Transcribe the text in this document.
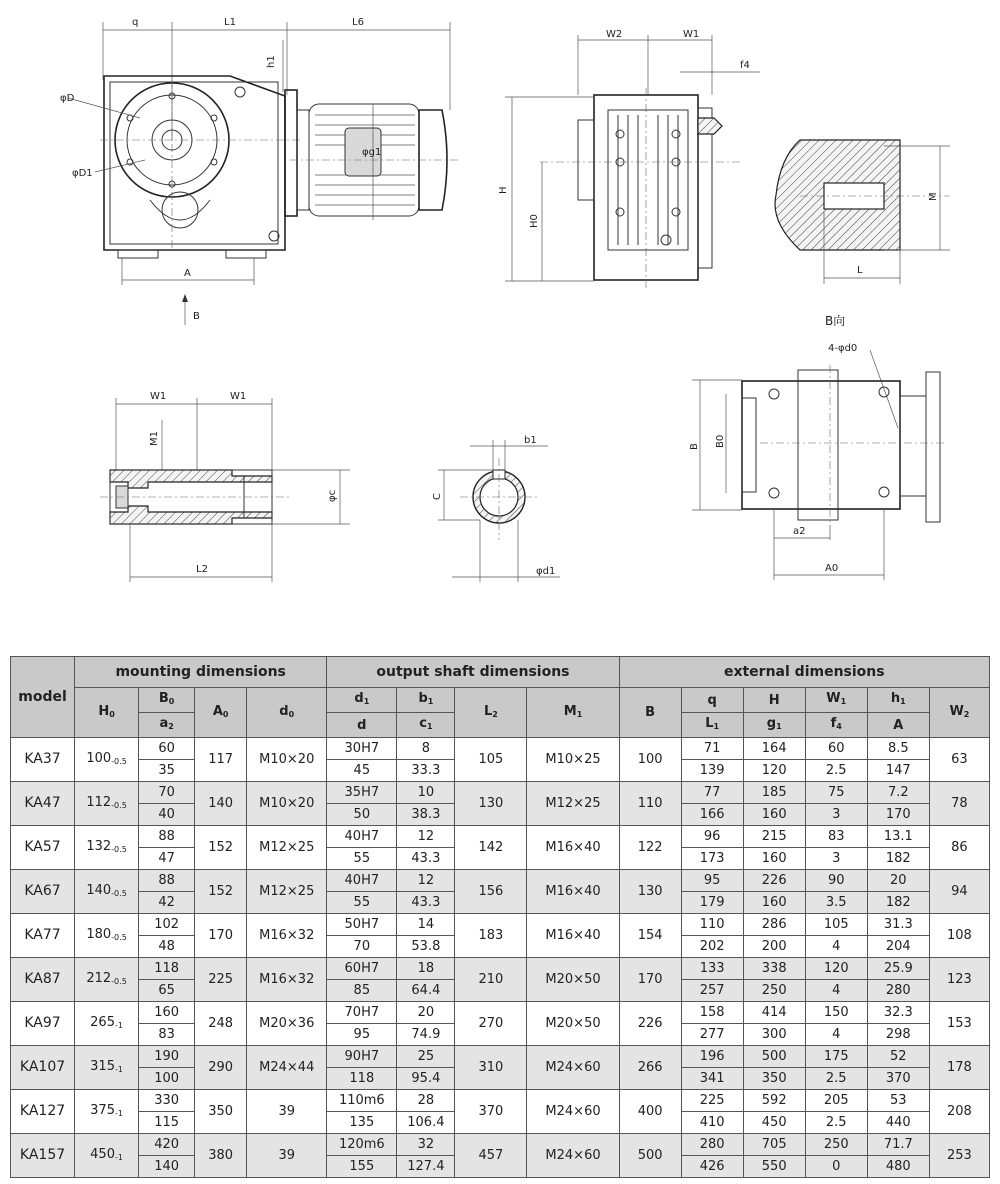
q	L1	L6
h1
φD
φD1
φg1
A
B
W2	W1
f4
H
H0
M
L
B向
4-φd0
B B0
a2
A0
W1	W1
M1
φc
L2
b1
C
φd1
model	mounting dimensions				output shaft dimensions				external dimensions					
	$H_0$	$B_0$	$A_0$	$d_0$	$d_1$	$b_1$	$L_2$	$M_1$	B	q	H	$W_1$	$h_1$	$W_2$
		$a_2$			d	$c_1$				$L_1$	$g_1$	$f_4$	A	
KA37	$100_{-0.5}$	60	117	M10×20	30H7	8	105	M10×25	100	71	164	60	8.5	63
		35			45	33.3				139	120	2.5	147	
KA47	$112_{-0.5}$	70	140	M10×20	35H7	10	130	M12×25	110	77	185	75	7.2	78
		40			50	38.3				166	160	3	170	
KA57	$132_{-0.5}$	88	152	M12×25	40H7	12	142	M16×40	122	96	215	83	13.1	86
		47			55	43.3				173	160	3	182	
KA67	$140_{-0.5}$	88	152	M12×25	40H7	12	156	M16×40	130	95	226	90	20	94
		42			55	43.3				179	160	3.5	182	
KA77	$180_{-0.5}$	102	170	M16×32	50H7	14	183	M16×40	154	110	286	105	31.3	108
		48			70	53.8				202	200	4	204	
KA87	$212_{-0.5}$	118	225	M16×32	60H7	18	210	M20×50	170	133	338	120	25.9	123
		65			85	64.4				257	250	4	280	
KA97	$265_{-1}$	160	248	M20×36	70H7	20	270	M20×50	226	158	414	150	32.3	153
		83			95	74.9				277	300	4	298	
KA107	$315_{-1}$	190	290	M24×44	90H7	25	310	M24×60	266	196	500	175	52	178
		100			118	95.4				341	350	2.5	370	
KA127	$375_{-1}$	330	350	39	110m6	28	370	M24×60	400	225	592	205	53	208
		115			135	106.4				410	450	2.5	440	
KA157	$450_{-1}$	420	380	39	120m6	32	457	M24×60	500	280	705	250	71.7	253
		140			155	127.4				426	550	0	480	
